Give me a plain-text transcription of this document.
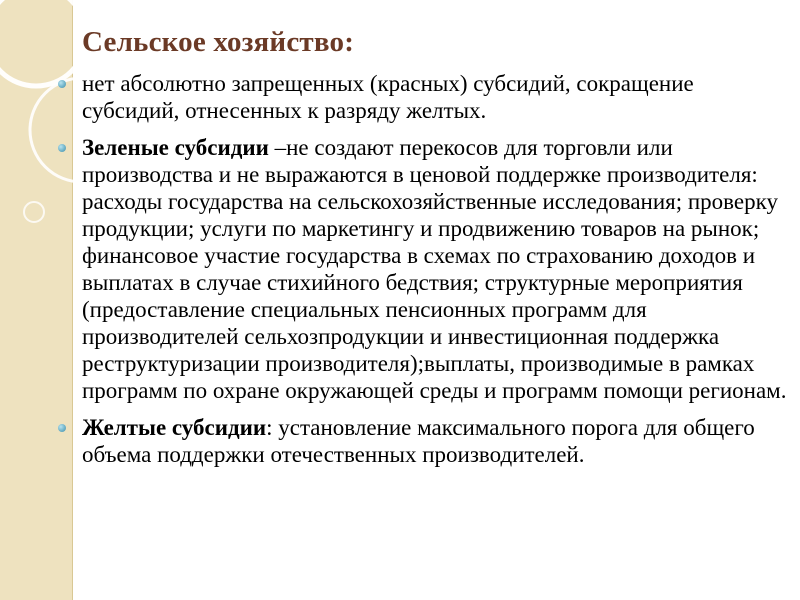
Сельское хозяйство:
нет абсолютно запрещенных (красных) субсидий, сокращение субсидий, отнесенных к разряду желтых.
Зеленые субсидии –не создают перекосов для торговли или производства и не выражаются в ценовой поддержке производителя: расходы государства на сельскохозяйственные исследования; проверку продукции; услуги по маркетингу и продвижению товаров на рынок; финансовое участие государства в схемах по страхованию доходов и выплатах в случае стихийного бедствия; структурные мероприятия (предоставление специальных пенсионных программ для производителей сельхозпродукции и инвестиционная поддержка реструктуризации производителя);выплаты, производимые в рамках программ по охране окружающей среды и программ помощи регионам.
Желтые субсидии: установление максимального порога для общего объема поддержки отечественных производителей.
